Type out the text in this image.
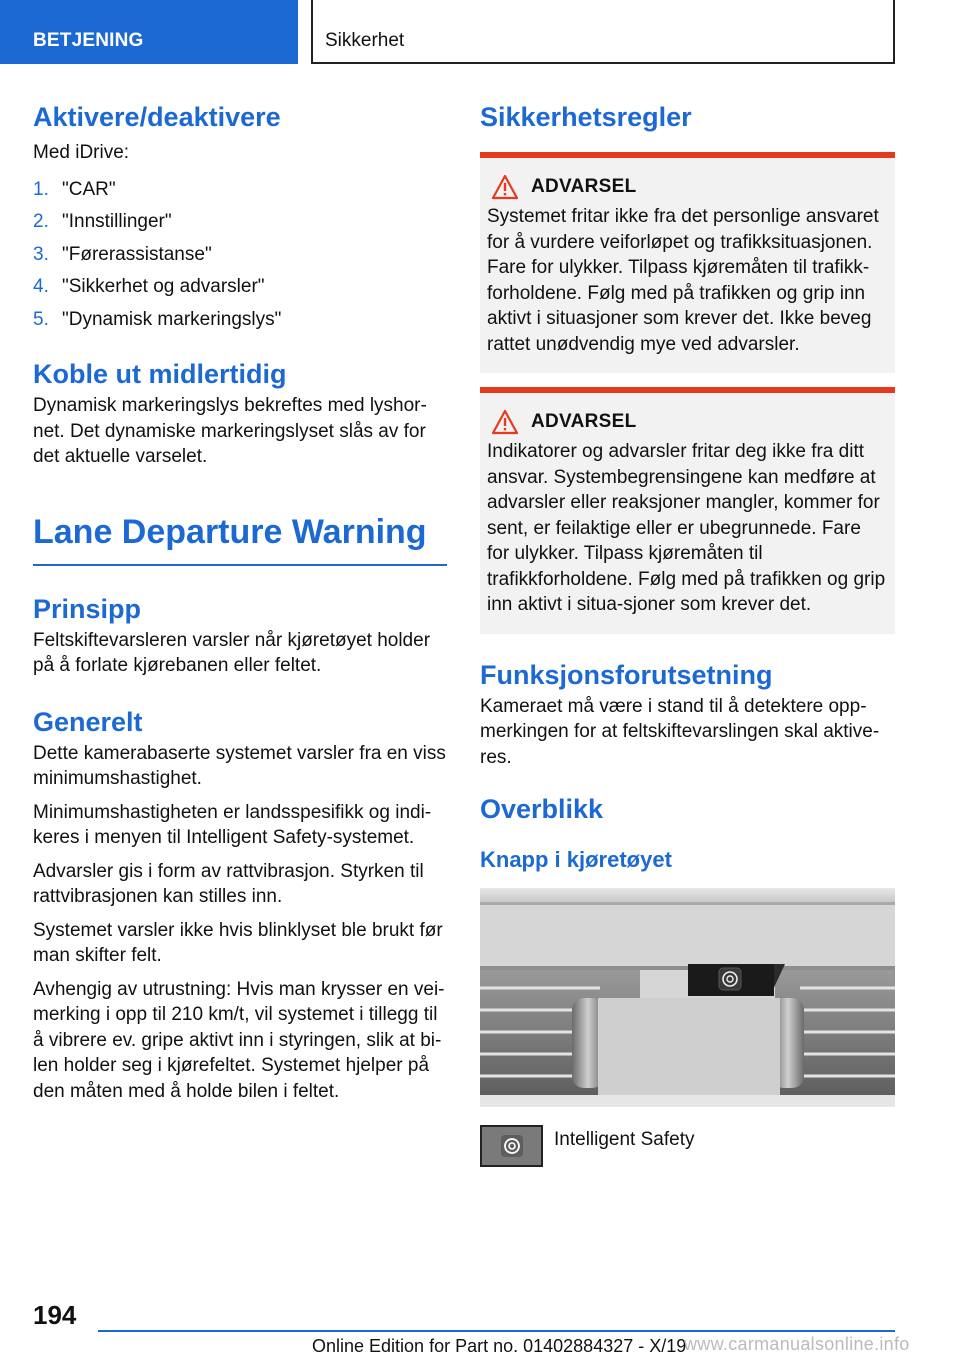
BETJENING	Sikkerhet
Aktivere/deaktivere
Med iDrive:
1. "CAR"
2. "Innstillinger"
3. "Førerassistanse"
4. "Sikkerhet og advarsler"
5. "Dynamisk markeringslys"
Koble ut midlertidig
Dynamisk markeringslys bekreftes med lyshor-net. Det dynamiske markeringslyset slås av for det aktuelle varselet.
Lane Departure Warning
Prinsipp
Feltskiftevarsleren varsler når kjøretøyet holder på å forlate kjørebanen eller feltet.
Generelt
Dette kamerabaserte systemet varsler fra en viss minimumshastighet.
Minimumshastigheten er landsspesifikk og indi-keres i menyen til Intelligent Safety-systemet.
Advarsler gis i form av rattvibrasjon. Styrken til rattvibrasjonen kan stilles inn.
Systemet varsler ikke hvis blinklyset ble brukt før man skifter felt.
Avhengig av utrustning: Hvis man krysser en vei-merking i opp til 210 km/t, vil systemet i tillegg til å vibrere ev. gripe aktivt inn i styringen, slik at bi-len holder seg i kjørefeltet. Systemet hjelper på den måten med å holde bilen i feltet.
Sikkerhetsregler
ADVARSEL
Systemet fritar ikke fra det personlige ansvaret for å vurdere veiforløpet og trafikksituasjonen. Fare for ulykker. Tilpass kjøremåten til trafikk-forholdene. Følg med på trafikken og grip inn aktivt i situasjoner som krever det. Ikke beveg rattet unødvendig mye ved advarsler.
ADVARSEL
Indikatorer og advarsler fritar deg ikke fra ditt ansvar. Systembegrensingene kan medføre at advarsler eller reaksjoner mangler, kommer for sent, er feilaktige eller er ubegrunnede. Fare for ulykker. Tilpass kjøremåten til trafikkforholdene. Følg med på trafikken og grip inn aktivt i situa-sjoner som krever det.
Funksjonsforutsetning
Kameraet må være i stand til å detektere opp-merkingen for at feltskiftevarslingen skal aktive-res.
Overblikk
Knapp i kjøretøyet
Intelligent Safety
194
Online Edition for Part no. 01402884327 - X/19
www.carmanualsonline.info
